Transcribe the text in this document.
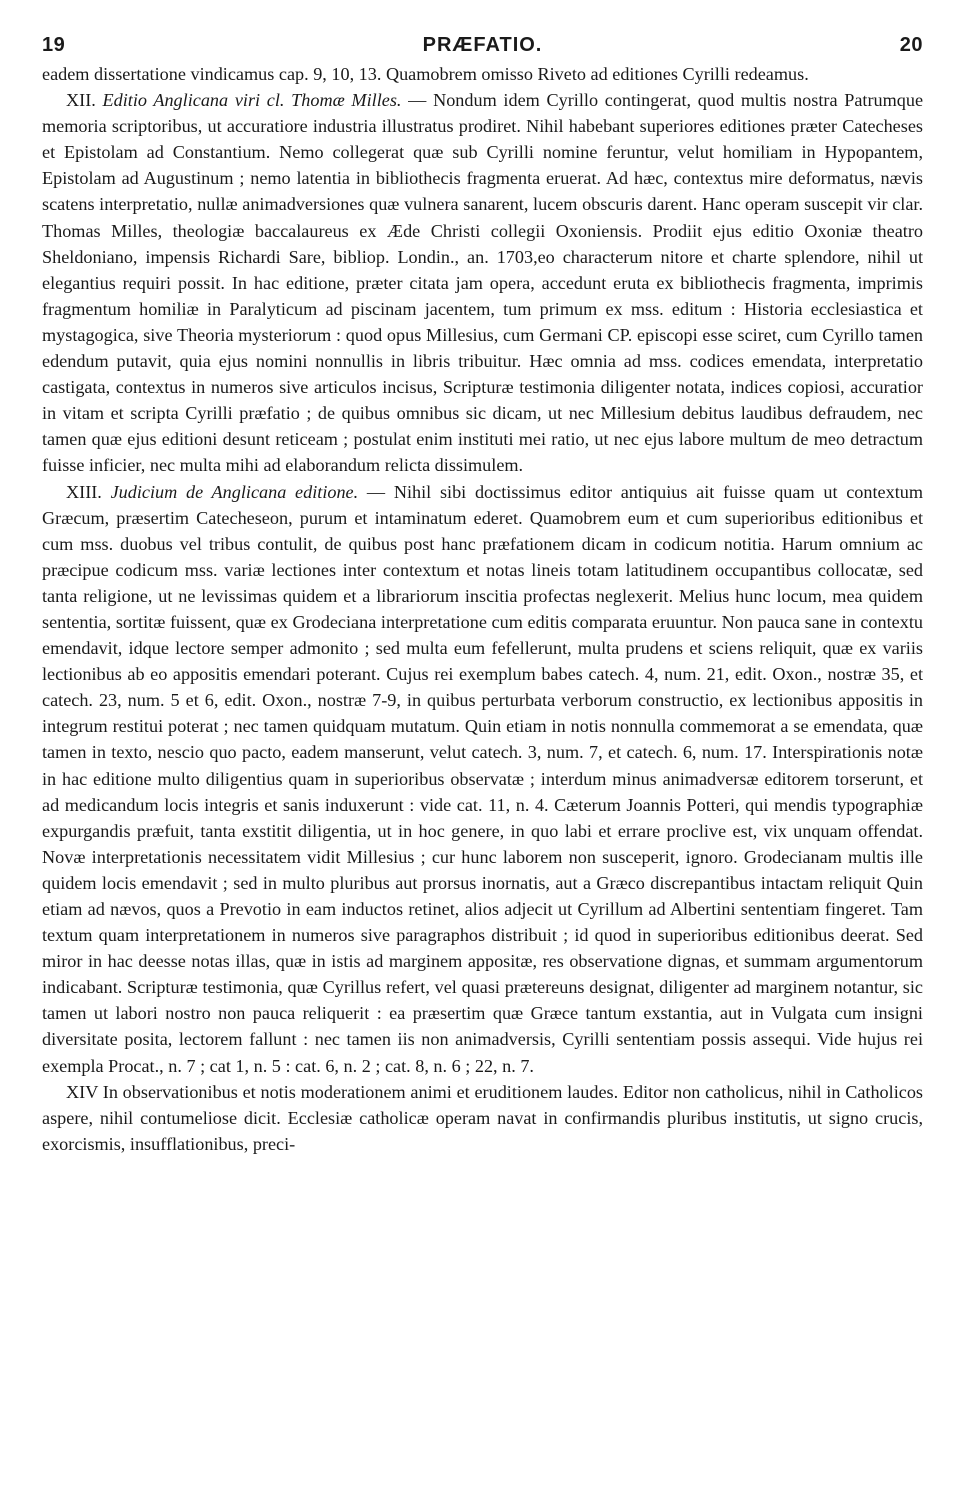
19	PRÆFATIO.	20

eadem dissertatione vindicamus cap. 9, 10, 13. Quamobrem omisso Riveto ad editiones Cyrilli redeamus.

XII. Editio Anglicana viri cl. Thomæ Milles. — Nondum idem Cyrillo contingerat, quod multis nostra Patrumque memoria scriptoribus, ut accuratiore industria illustratus prodiret. Nihil habebant superiores editiones præter Catecheses et Epistolam ad Constantium. Nemo collegerat quæ sub Cyrilli nomine feruntur, velut homiliam in Hypopantem, Epistolam ad Augustinum ; nemo latentia in bibliothecis fragmenta eruerat. Ad hæc, contextus mire deformatus, nævis scatens interpretatio, nullæ animadversiones quæ vulnera sanarent, lucem obscuris darent. Hanc operam suscepit vir clar. Thomas Milles, theologiæ baccalaureus ex Æde Christi collegii Oxoniensis. Prodiit ejus editio Oxoniæ theatro Sheldoniano, impensis Richardi Sare, bibliop. Londin., an. 1703,eo characterum nitore et charte splendore, nihil ut elegantius requiri possit. In hac editione, præter citata jam opera, accedunt eruta ex bibliothecis fragmenta, imprimis fragmentum homiliæ in Paralyticum ad piscinam jacentem, tum primum ex mss. editum : Historia ecclesiastica et mystagogica, sive Theoria mysteriorum : quod opus Millesius, cum Germani CP. episcopi esse sciret, cum Cyrillo tamen edendum putavit, quia ejus nomini nonnullis in libris tribuitur. Hæc omnia ad mss. codices emendata, interpretatio castigata, contextus in numeros sive articulos incisus, Scripturæ testimonia diligenter notata, indices copiosi, accuratior in vitam et scripta Cyrilli præfatio ; de quibus omnibus sic dicam, ut nec Millesium debitus laudibus defraudem, nec tamen quæ ejus editioni desunt reticeam ; postulat enim instituti mei ratio, ut nec ejus labore multum de meo detractum fuisse inficier, nec multa mihi ad elaborandum relicta dissimulem.

XIII. Judicium de Anglicana editione. — Nihil sibi doctissimus editor antiquius ait fuisse quam ut contextum Græcum, præsertim Catecheseon, purum et intaminatum ederet. Quamobrem eum et cum superioribus editionibus et cum mss. duobus vel tribus contulit, de quibus post hanc præfationem dicam in codicum notitia. Harum omnium ac præcipue codicum mss. variæ lectiones inter contextum et notas lineis totam latitudinem occupantibus collocatæ, sed tanta religione, ut ne levissimas quidem et a librariorum inscitia profectas neglexerit. Melius hunc locum, mea quidem sententia, sortitæ fuissent, quæ ex Grodeciana interpretatione cum editis comparata eruuntur. Non pauca sane in contextu emendavit, idque lectore semper admonito ; sed multa eum fefellerunt, multa prudens et sciens reliquit, quæ ex variis lectionibus ab eo appositis emendari poterant. Cujus rei exemplum babes catech. 4, num. 21, edit. Oxon., nostræ 35, et catech. 23, num. 5 et 6, edit. Oxon., nostræ 7-9, in quibus perturbata verborum constructio, ex lectionibus appositis in integrum restitui poterat ; nec tamen quidquam mutatum. Quin etiam in notis nonnulla commemorat a se emendata, quæ tamen in texto, nescio quo pacto, eadem manserunt, velut catech. 3, num. 7, et catech. 6, num. 17. Interspirationis notæ in hac editione multo diligentius quam in superioribus observatæ ; interdum minus animadversæ editorem torserunt, et ad medicandum locis integris et sanis induxerunt : vide cat. 11, n. 4. Cæterum Joannis Potteri, qui mendis typographiæ expurgandis præfuit, tanta exstitit diligentia, ut in hoc genere, in quo labi et errare proclive est, vix unquam offendat. Novæ interpretationis necessitatem vidit Millesius ; cur hunc laborem non susceperit, ignoro. Grodecianam multis ille quidem locis emendavit ; sed in multo pluribus aut prorsus inornatis, aut a Græco discrepantibus intactam reliquit Quin etiam ad nævos, quos a Prevotio in eam inductos retinet, alios adjecit ut Cyrillum ad Albertini sententiam fingeret. Tam textum quam interpretationem in numeros sive paragraphos distribuit ; id quod in superioribus editionibus deerat. Sed miror in hac deesse notas illas, quæ in istis ad marginem appositæ, res observatione dignas, et summam argumentorum indicabant. Scripturæ testimonia, quæ Cyrillus refert, vel quasi prætereuns designat, diligenter ad marginem notantur, sic tamen ut labori nostro non pauca reliquerit : ea præsertim quæ Græce tantum exstantia, aut in Vulgata cum insigni diversitate posita, lectorem fallunt : nec tamen iis non animadversis, Cyrilli sententiam possis assequi. Vide hujus rei exempla Procat., n. 7 ; cat 1, n. 5 : cat. 6, n. 2 ; cat. 8, n. 6 ; 22, n. 7.

XIV In observationibus et notis moderationem animi et eruditionem laudes. Editor non catholicus, nihil in Catholicos aspere, nihil contumeliose dicit. Ecclesiæ catholicæ operam navat in confirmandis pluribus institutis, ut signo crucis, exorcismis, insufflationibus, preci-
